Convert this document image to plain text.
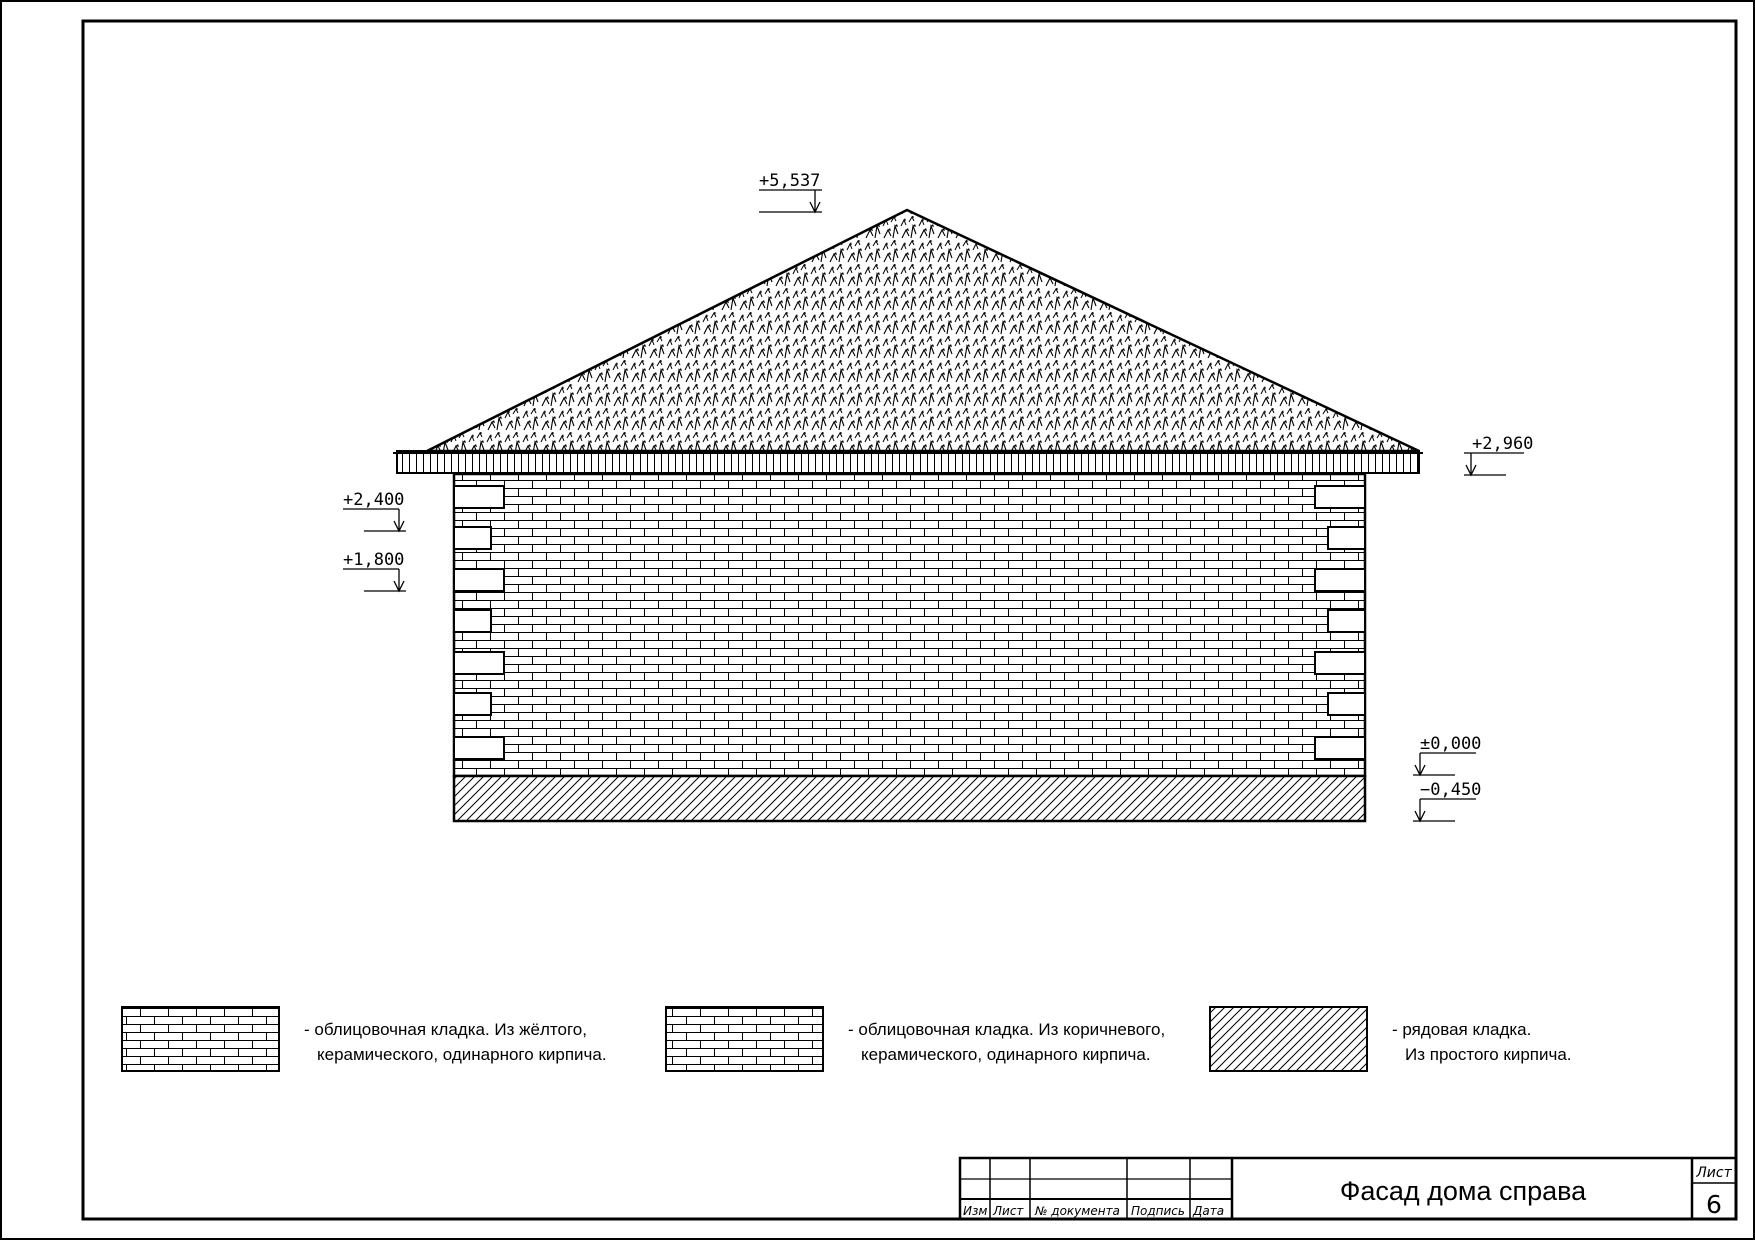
+5,537
+2,960
+2,400
+1,800
±0,000
−0,450
- облицовочная кладка. Из жёлтого,
керамического, одинарного кирпича.
- облицовочная кладка. Из коричневого,
керамического, одинарного кирпича.
- рядовая кладка.
Из простого кирпича.
Изм Лист № документа Подпись Дата
Фасад дома справа
Лист
6
